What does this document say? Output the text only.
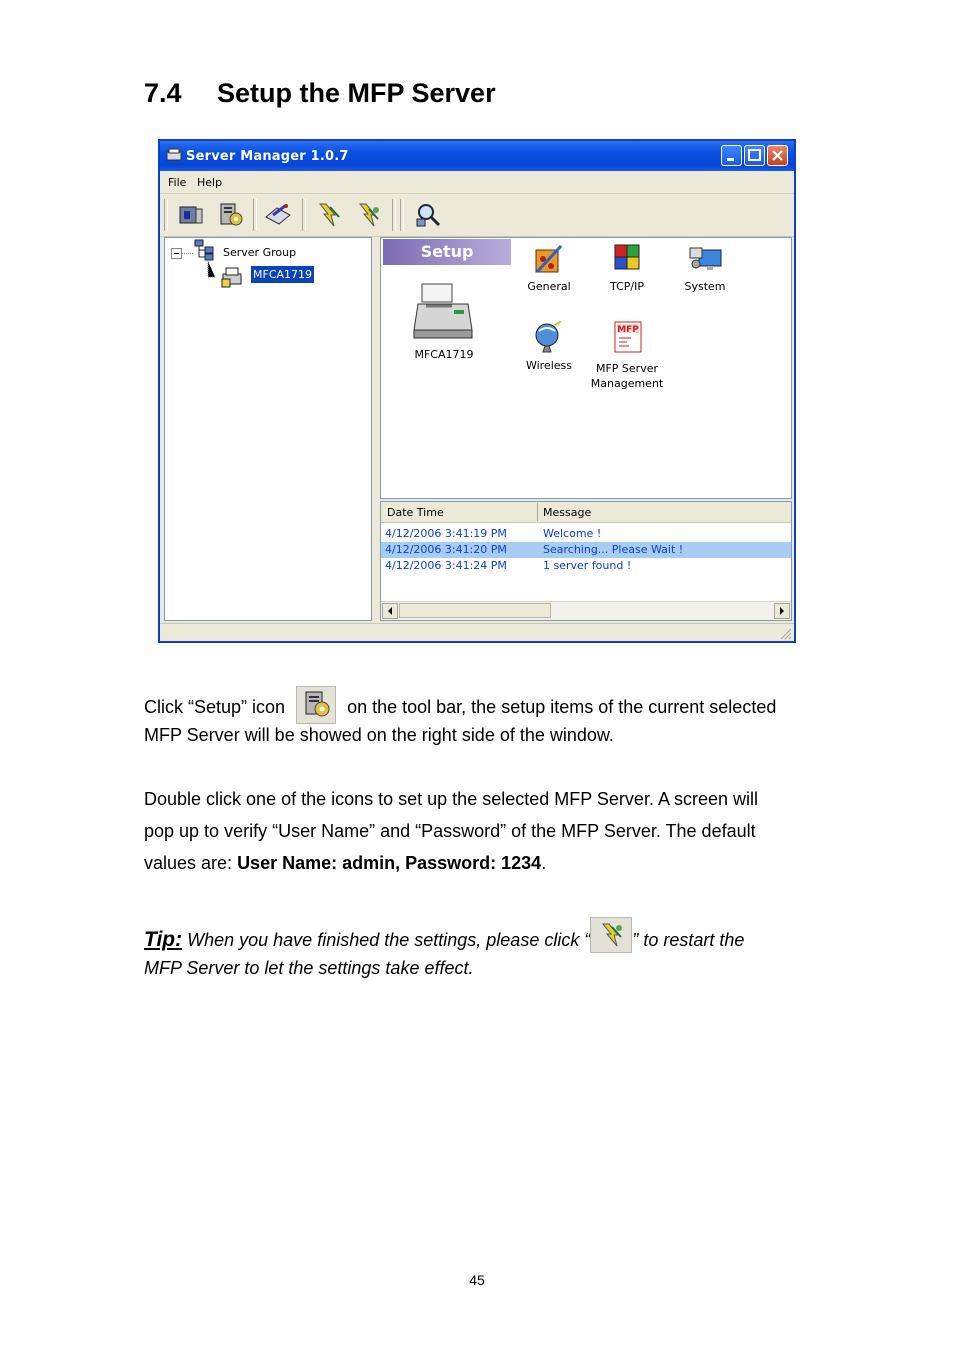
7.4 Setup the MFP Server
Server Manager 1.0.7
File Help
Server Group
MFCA1719
Setup
MFCA1719
General	TCP/IP	System
Wireless
MFP
MFP Server
Management
Date Time	Message
4/12/2006 3:41:19 PM	Welcome !
4/12/2006 3:41:20 PM	Searching... Please Wait !
4/12/2006 3:41:24 PM	1 server found !
Click “Setup” icon	on the tool bar, the setup items of the current selected
MFP Server will be showed on the right side of the window.
Double click one of the icons to set up the selected MFP Server. A screen will
pop up to verify “User Name” and “Password” of the MFP Server. The default
values are: User Name: admin, Password: 1234.
Tip: When you have finished the settings, please click “ ” to restart the
MFP Server to let the settings take effect.
45
